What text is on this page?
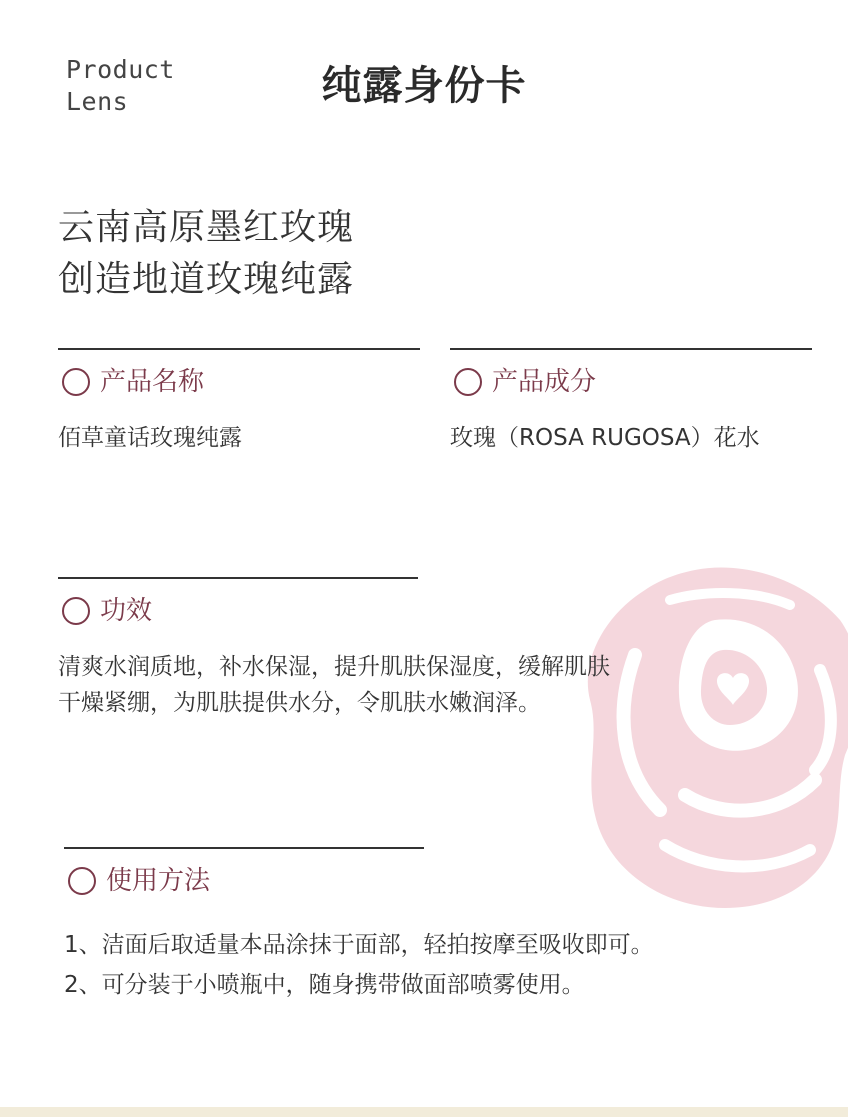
Product
Lens	纯露身份卡
云南高原墨红玫瑰
创造地道玫瑰纯露
产品名称
佰草童话玫瑰纯露
产品成分
玫瑰（ROSA RUGOSA）花水
功效
清爽水润质地，补水保湿，提升肌肤保湿度，缓解肌肤
干燥紧绷，为肌肤提供水分，令肌肤水嫩润泽。
使用方法
1、洁面后取适量本品涂抹于面部，轻拍按摩至吸收即可。
2、可分装于小喷瓶中，随身携带做面部喷雾使用。
